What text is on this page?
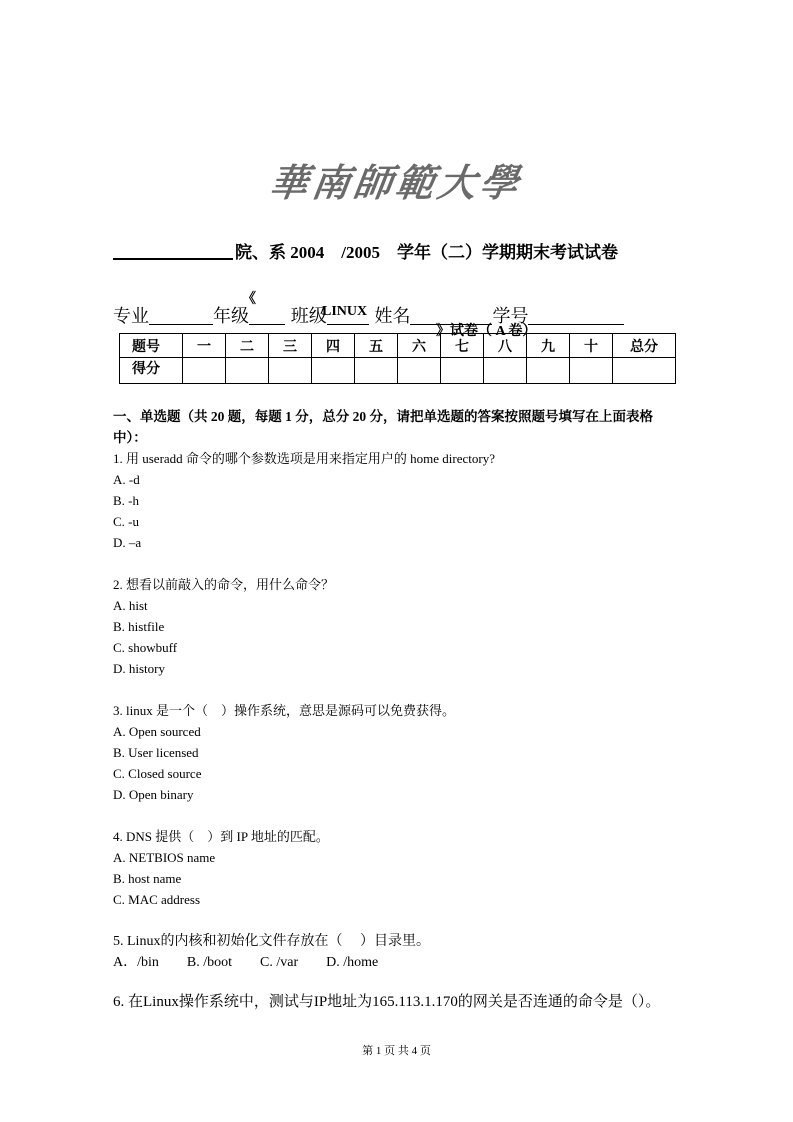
華南師範大學
院、系 2004　/2005　学年（二）学期期末考试试卷

《

LINUX

》试卷（ A 卷）

专业	年级 班级	姓名	学号
题号	一	二	三	四	五	六	七	八	九	十	总分
得分											
一、单选题（共 20 题，每题 1 分，总分 20 分，请把单选题的答案按照题号填写在上面表格
中）：
1. 用 useradd 命令的哪个参数选项是用来指定用户的 home directory?
A. -d
B. -h
C. -u
D. –a
2. 想看以前敲入的命令，用什么命令？
A. hist
B. histfile
C. showbuff
D. history
3. linux 是一个（　）操作系统，意思是源码可以免费获得。
A. Open sourced
B. User licensed
C. Closed source
D. Open binary
4. DNS 提供（　）到 IP 地址的匹配。
A. NETBIOS name
B. host name
C. MAC address
5. Linux的内核和初始化文件存放在（　 ）目录里。
A．/bin B. /boot C. /var D. /home
6. 在Linux操作系统中，测试与IP地址为165.113.1.170的网关是否连通的命令是（）。
第 1 页 共 4 页
